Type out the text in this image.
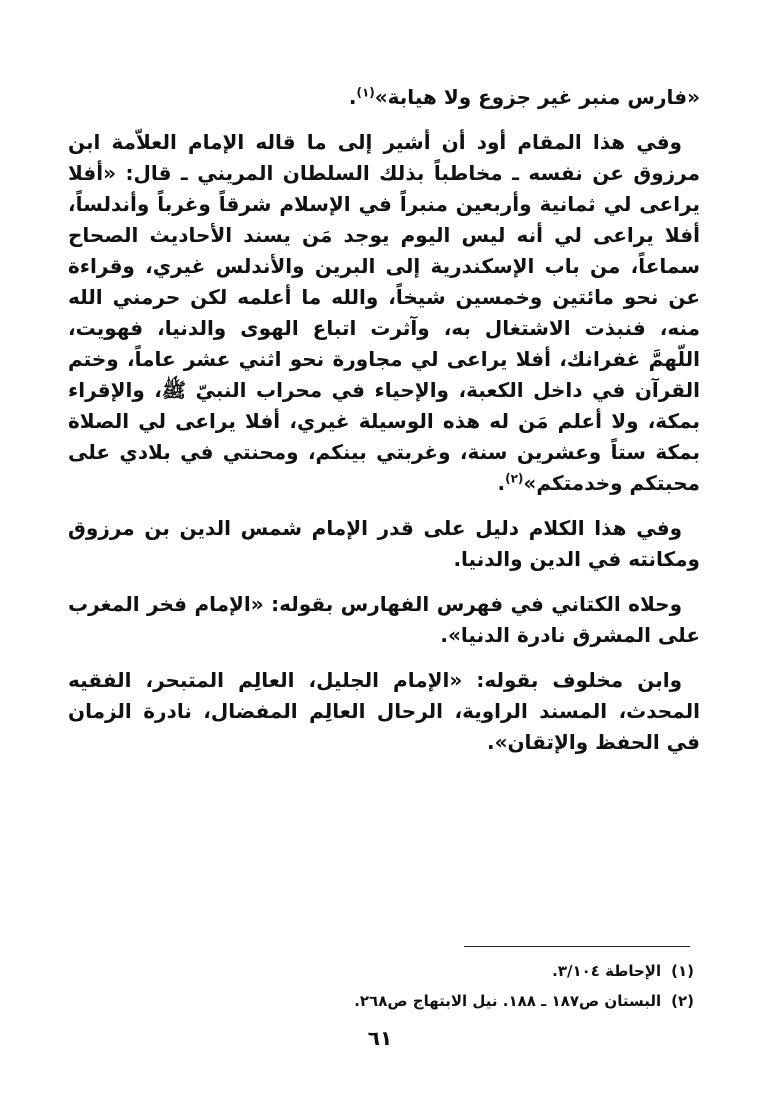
«فارس منبر غير جزوع ولا هيابة»$^{(١)}$.

وفي هذا المقام أود أن أشير إلى ما قاله الإمام العلاّمة ابن مرزوق عن نفسه ـ مخاطباً بذلك السلطان المريني ـ قال: «أفلا يراعى لي ثمانية وأربعين منبراً في الإسلام شرقاً وغرباً وأندلساً، أفلا يراعى لي أنه ليس اليوم يوجد مَن يسند الأحاديث الصحاح سماعاً، من باب الإسكندرية إلى البرين والأندلس غيري، وقراءة عن نحو مائتين وخمسين شيخاً، والله ما أعلمه لكن حرمني الله منه، فنبذت الاشتغال به، وآثرت اتباع الهوى والدنيا، فهويت، اللّهمَّ غفرانك، أفلا يراعى لي مجاورة نحو اثني عشر عاماً، وختم القرآن في داخل الكعبة، والإحياء في محراب النبيّ ﷺ، والإقراء بمكة، ولا أعلم مَن له هذه الوسيلة غيري، أفلا يراعى لي الصلاة بمكة ستاً وعشرين سنة، وغربتي بينكم، ومحنتي في بلادي على محبتكم وخدمتكم»$^{(٢)}$.

وفي هذا الكلام دليل على قدر الإمام شمس الدين بن مرزوق ومكانته في الدين والدنيا.

وحلاه الكتاني في فهرس الفهارس بقوله: «الإمام فخر المغرب على المشرق نادرة الدنيا».

وابن مخلوف بقوله: «الإمام الجليل، العالِم المتبحر، الفقيه المحدث، المسند الراوية، الرحال العالِم المفضال، نادرة الزمان في الحفظ والإتقان».

(١)الإحاطة ٣/١٠٤.
(٢)البستان ص١٨٧ ـ ١٨٨. نيل الابتهاج ص٢٦٨.
٦١
